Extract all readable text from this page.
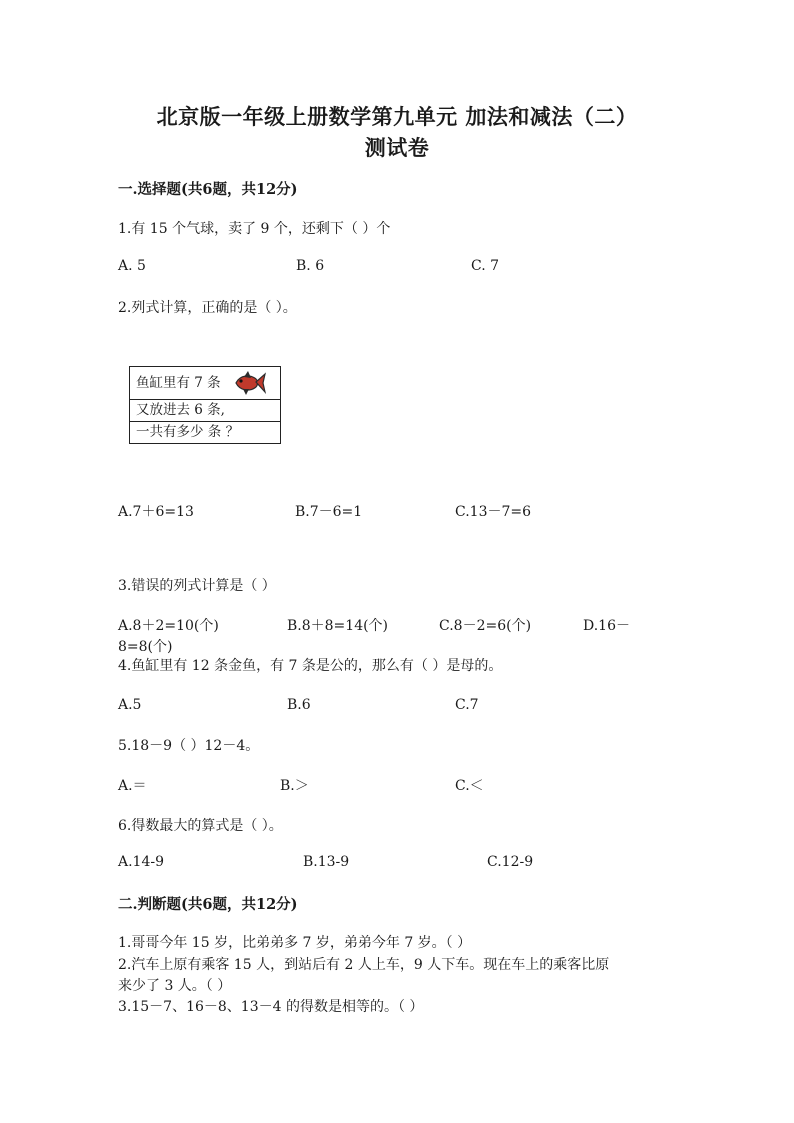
北京版一年级上册数学第九单元 加法和减法（二）
测试卷
一.选择题(共6题，共12分)
1.有 15 个气球，卖了 9 个，还剩下（ ）个
A. 5	B. 6	C. 7
2.列式计算，正确的是（ ）。
鱼缸里有 7 条
又放进去 6 条,
一共有多少 条 ？
A.7＋6=13	B.7－6=1	C.13－7=6
3.错误的列式计算是（ ）
A.8＋2=10(个)	B.8＋8=14(个)	C.8－2=6(个)	D.16－
8=8(个)
4.鱼缸里有 12 条金鱼，有 7 条是公的，那么有（ ）是母的。
A.5	B.6	C.7
5.18－9（ ）12－4。
A.＝	B.＞	C.＜
6.得数最大的算式是（ ）。
A.14-9	B.13-9	C.12-9
二.判断题(共6题，共12分)
1.哥哥今年 15 岁，比弟弟多 7 岁，弟弟今年 7 岁。（ ）
2.汽车上原有乘客 15 人，到站后有 2 人上车，9 人下车。现在车上的乘客比原
来少了 3 人。（ ）
3.15－7、16－8、13－4 的得数是相等的。（ ）
